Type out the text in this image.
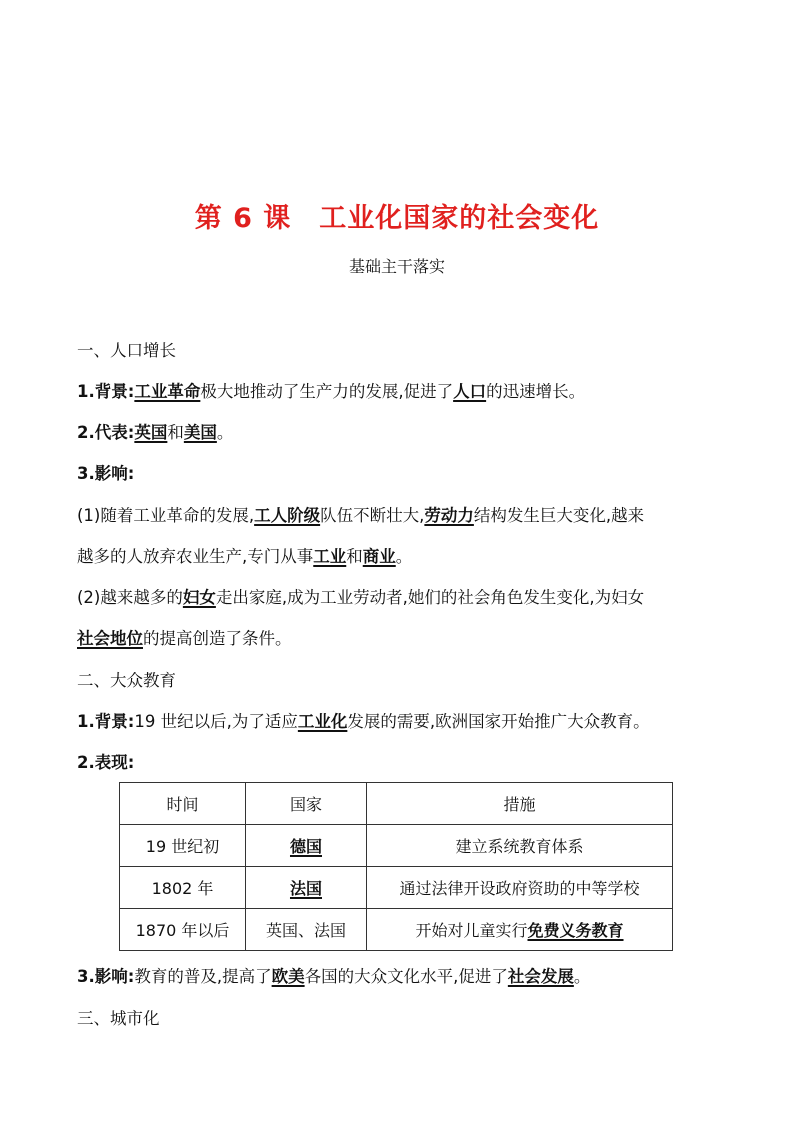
第 6 课 工业化国家的社会变化
基础主干落实
一、人口增长
1.背景:工业革命极大地推动了生产力的发展,促进了人口的迅速增长。
2.代表:英国和美国。
3.影响:
(1)随着工业革命的发展,工人阶级队伍不断壮大,劳动力结构发生巨大变化,越来
越多的人放弃农业生产,专门从事工业和商业。
(2)越来越多的妇女走出家庭,成为工业劳动者,她们的社会角色发生变化,为妇女
社会地位的提高创造了条件。
二、大众教育
1.背景:19 世纪以后,为了适应工业化发展的需要,欧洲国家开始推广大众教育。
2.表现:
时间	国家	措施
19 世纪初	德国	建立系统教育体系
1802 年	法国	通过法律开设政府资助的中等学校
1870 年以后	英国、法国	开始对儿童实行免费义务教育
3.影响:教育的普及,提高了欧美各国的大众文化水平,促进了社会发展。
三、城市化
